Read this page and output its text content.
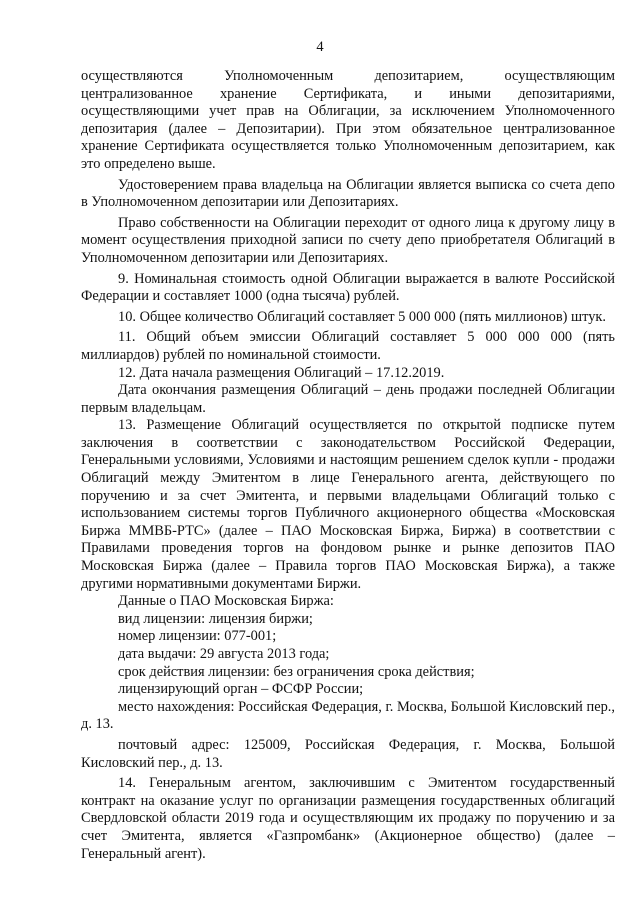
4

осуществляются Уполномоченным депозитарием, осуществляющим централизованное хранение Сертификата, и иными депозитариями, осуществляющими учет прав на Облигации, за исключением Уполномоченного депозитария (далее – Депозитарии). При этом обязательное централизованное хранение Сертификата осуществляется только Уполномоченным депозитарием, как это определено выше.

Удостоверением права владельца на Облигации является выписка со счета депо в Уполномоченном депозитарии или Депозитариях.

Право собственности на Облигации переходит от одного лица к другому лицу в момент осуществления приходной записи по счету депо приобретателя Облигаций в Уполномоченном депозитарии или Депозитариях.

9. Номинальная стоимость одной Облигации выражается в валюте Российской Федерации и составляет 1000 (одна тысяча) рублей.

10. Общее количество Облигаций составляет 5 000 000 (пять миллионов) штук.

11. Общий объем эмиссии Облигаций составляет 5 000 000 000 (пять миллиардов) рублей по номинальной стоимости.

12. Дата начала размещения Облигаций – 17.12.2019.

Дата окончания размещения Облигаций – день продажи последней Облигации первым владельцам.

13. Размещение Облигаций осуществляется по открытой подписке путем заключения в соответствии с законодательством Российской Федерации, Генеральными условиями, Условиями и настоящим решением сделок купли - продажи Облигаций между Эмитентом в лице Генерального агента, действующего по поручению и за счет Эмитента, и первыми владельцами Облигаций только с использованием системы торгов Публичного акционерного общества «Московская Биржа ММВБ-РТС» (далее – ПАО Московская Биржа, Биржа) в соответствии с Правилами проведения торгов на фондовом рынке и рынке депозитов ПАО Московская Биржа (далее – Правила торгов ПАО Московская Биржа), а также другими нормативными документами Биржи.

Данные о ПАО Московская Биржа:

вид лицензии: лицензия биржи;

номер лицензии: 077-001;

дата выдачи: 29 августа 2013 года;

срок действия лицензии: без ограничения срока действия;

лицензирующий орган – ФСФР России;

место нахождения: Российская Федерация, г. Москва, Большой Кисловский пер., д. 13.

почтовый адрес: 125009, Российская Федерация, г. Москва, Большой Кисловский пер., д. 13.

14. Генеральным агентом, заключившим с Эмитентом государственный контракт на оказание услуг по организации размещения государственных облигаций Свердловской области 2019 года и осуществляющим их продажу по поручению и за счет Эмитента, является «Газпромбанк» (Акционерное общество) (далее – Генеральный агент).
